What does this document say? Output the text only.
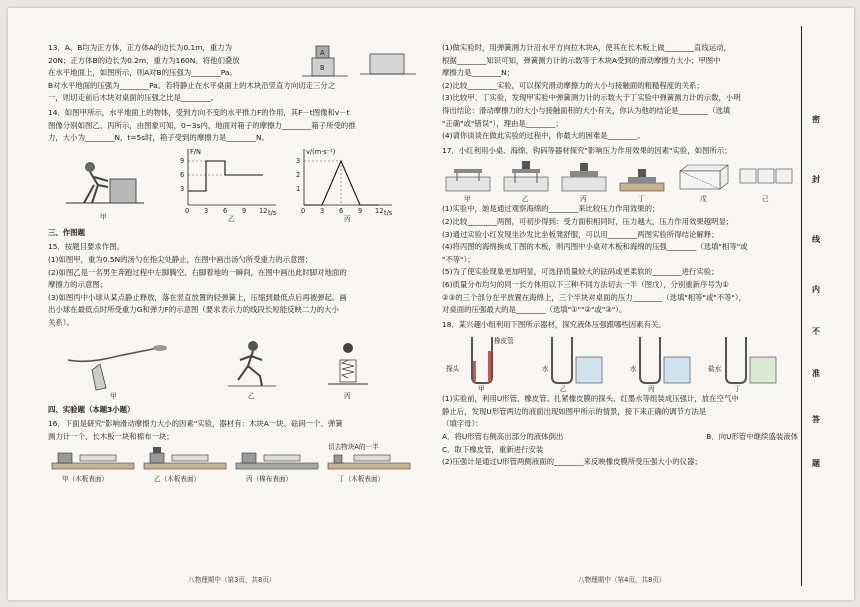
13．A、B均为正方体，正方体A的边长为0.1m，重力为
20N；正方体B的边长为0.2m，重力为160N。将他们叠放
在水平地面上，如图所示，则A对B的压强为________Pa。
A
B
B对水平地面的压强为________Pa。若将静止在水平桌面上的木块沿竖直方向切走三分之
一，则切走前后木块对桌面的压强之比是________。
14．如图甲所示，水平地面上的物体，受到方向不变的水平推力F的作用，其F－t图像和v－t
图像分别如图乙、丙所示，由图象可知，0~3s内，地面对箱子的摩擦力________箱子所受的推
力，大小为________N，t=5s时，箱子受到的摩擦力是________N。
甲
F/N
t/s
9
6
3
0 3 6 9 12
乙
v/(m·s⁻¹)
t/s
3
2
1
0 3 6 9 12
丙
三、作图题
15．按题目要求作图。
(1)如图甲，重为0.5N的汤勺在指尖处静止，在图中画出汤勺所受重力的示意图；
(2)如图乙是一名男生奔跑过程中左脚腾空、右脚着地的一瞬间，在图中画出此时脚对地面的
摩擦力的示意图；
(3)如图丙中小球从某点静止释放，落在竖直放置的轻弹簧上，压缩到最低点后再被弹起。画
出小球在最低点时所受重力G和弹力F的示意图（要求表示力的线段长短能反映二力的大小
关系）。
甲	乙	丙
四、实验题（本题3小题）
16．下面是研究"影响滑动摩擦力大小的因素"实验，器材有：木块A一块、砝码一个、弹簧
测力计一个、长木板一块和棉布一块；
甲（木板表面）	乙（木板表面）	丙（棉布表面）
切去物块A的一半
丁（木板表面）
八物理期中（第3页，共8页）
(1)做实验时，用弹簧测力计沿水平方向拉木块A，使其在长木板上做________直线运动，
根据________知识可知，弹簧测力计的示数等于木块A受到的滑动摩擦力大小；甲图中
摩擦力是________N；
(2)比较________实验，可以探究滑动摩擦力的大小与接触面的粗糙程度的关系；
(3)比较甲、丁实验，发现甲实验中弹簧测力计的示数大于丁实验中弹簧测力计的示数，小明
得出结论：滑动摩擦力的大小与接触面积的大小有关，你认为他的结论是________（选填
"正确"或"错误"），理由是________；
(4)请你谈谈在做此实验的过程中，你最大的困难是________。
17．小红利用小桌、海绵、钩码等器材探究"影响压力作用效果的因素"实验，如图所示；
甲	乙	丙	丁	戊	己
(1)实验中，她是通过观察海绵的________来比较压力作用效果的；
(2)比较________两图，可初步得到：受力面积相同时，压力越大，压力作用效果越明显；
(3)通过实验小红发现坐沙发比坐板凳舒服，可以用________两图实验所得结论解释；
(4)将丙图的海绵换成丁图的木板，则丙图中小桌对木板和海绵的压强________（选填"相等"或
"不等"）；
(5)为了使实验现象更加明显，可选择质量较大的砝码或更柔软的________进行实验；
(6)质量分布均匀的同一长方体用以下三种不同方法切去一半（图戊），分别重新序号为①
②③的三个部分在平放置在海绵上，三个半块对桌面的压力________（选填"相等"或"不等"），
对桌面的压强最大的是________（选填"①""②"或"③"）。
18．某兴趣小组利用下图所示器材，探究液体压强跟哪些因素有关。
橡皮管
探头
甲
水
乙
水
丙
盐水
丁
(1)实验前，利用U形管、橡皮管、扎紧橡皮膜的探头、红墨水等组装成压强计，放在空气中
静止后，发现U形管两边的液面出现如图甲所示的情景，接下来正确的调节方法是
（填字母）：
A．将U形管右侧高出部分的液体倒出	B．向U形管中继续盛装液体
C．取下橡皮管，重新进行安装
(2)压强计是通过U形管两侧液面的________来反映橡皮膜所受压强大小的仪器；
八物理期中（第4页，共8页）
密
封
线
内
不
准
答
题
